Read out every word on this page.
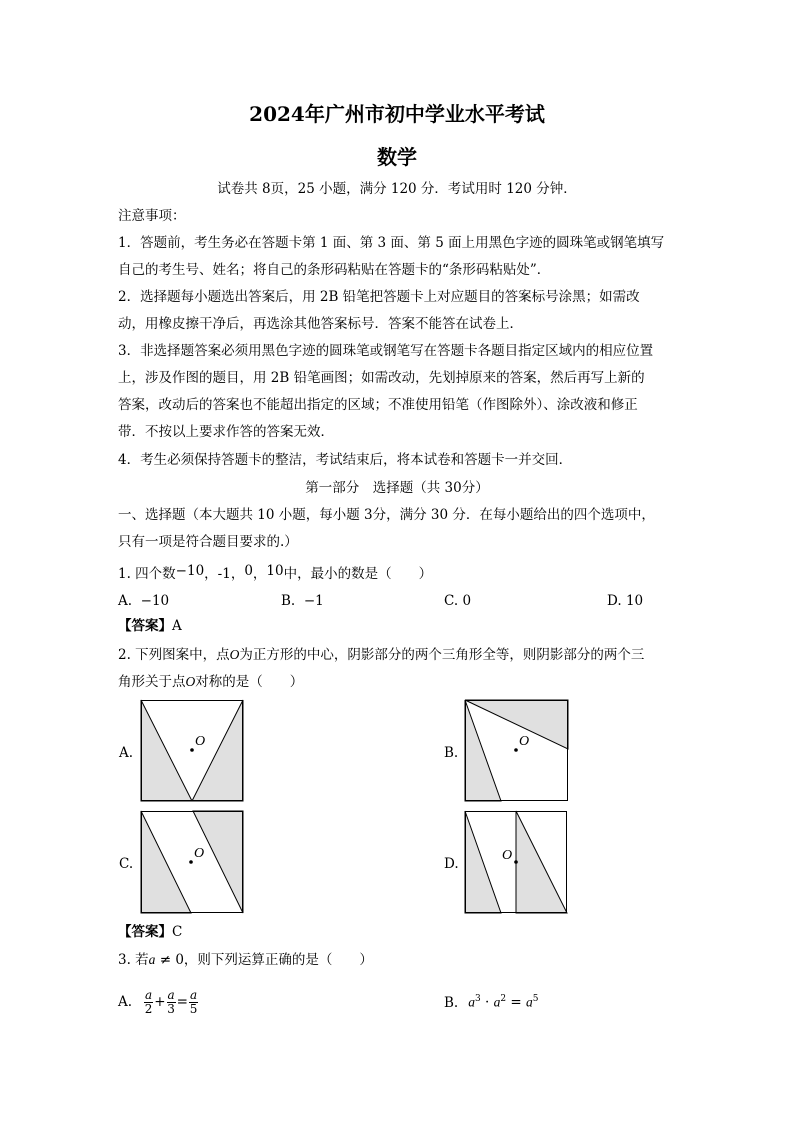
2024年广州市初中学业水平考试
数学
试卷共 8页，25 小题，满分 120 分．考试用时 120 分钟．
注意事项：
1．答题前，考生务必在答题卡第 1 面、第 3 面、第 5 面上用黑色字迹的圆珠笔或钢笔填写
自己的考生号、姓名；将自己的条形码粘贴在答题卡的“条形码粘贴处”．
2．选择题每小题选出答案后，用 2B 铅笔把答题卡上对应题目的答案标号涂黑；如需改
动，用橡皮擦干净后，再选涂其他答案标号．答案不能答在试卷上．
3．非选择题答案必须用黑色字迹的圆珠笔或钢笔写在答题卡各题目指定区域内的相应位置
上，涉及作图的题目，用 2B 铅笔画图；如需改动，先划掉原来的答案，然后再写上新的
答案，改动后的答案也不能超出指定的区域；不准使用铅笔（作图除外）、涂改液和修正
带．不按以上要求作答的答案无效．
4．考生必须保持答题卡的整洁，考试结束后，将本试卷和答题卡一并交回．
第一部分　选择题（共 30分）
一、选择题（本大题共 10 小题，每小题 3分，满分 30 分．在每小题给出的四个选项中，
只有一项是符合题目要求的.）
1. 四个数−10，-1，0，10中，最小的数是（　　）
A. −10	B. −1	C. 0	D. 10
【答案】A
2. 下列图案中，点O为正方形的中心，阴影部分的两个三角形全等，则阴影部分的两个三
角形关于点O对称的是（　　）
A.	B.
C.	D.
O	O
O	O
【答案】C
3. 若a ≠ 0，则下列运算正确的是（　　）
A. $\frac{a}{2} + \frac{a}{3} = \frac{a}{5}$	B. $a^3 \cdot a^2 = a^5$
